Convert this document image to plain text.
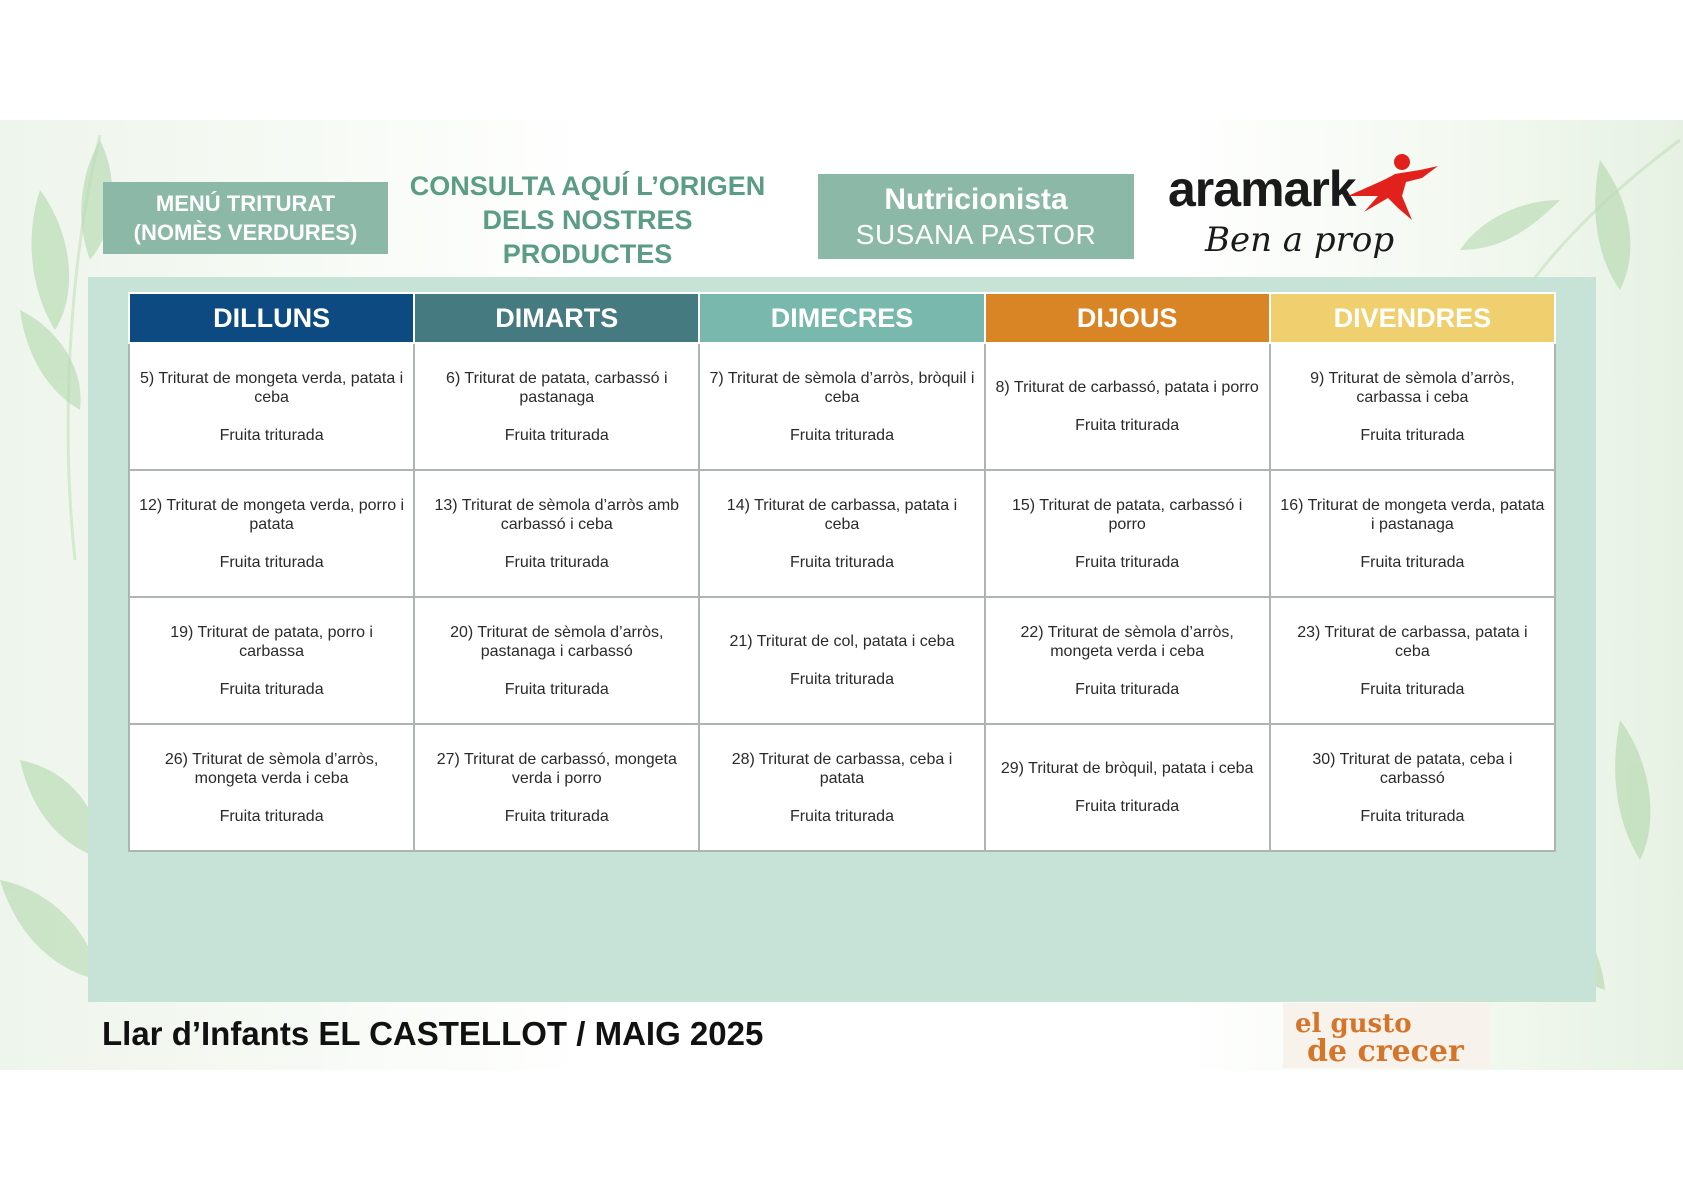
MENÚ TRITURAT
(NOMÈS VERDURES)
CONSULTA AQUÍ L’ORIGEN
DELS NOSTRES PRODUCTES
Nutricionista
SUSANA PASTOR
aramark
Ben a prop
DILLUNS	DIMARTS	DIMECRES	DIJOUS	DIVENDRES

5) Triturat de mongeta verda, patata i ceba
Fruita triturada	6) Triturat de patata, carbassó i pastanaga
Fruita triturada	7) Triturat de sèmola d’arròs, bròquil i ceba
Fruita triturada	8) Triturat de carbassó, patata i porro
Fruita triturada	9) Triturat de sèmola d’arròs, carbassa i ceba
Fruita triturada

12) Triturat de mongeta verda, porro i patata
Fruita triturada	13) Triturat de sèmola d’arròs amb carbassó i ceba
Fruita triturada	14) Triturat de carbassa, patata i ceba
Fruita triturada	15) Triturat de patata, carbassó i porro
Fruita triturada	16) Triturat de mongeta verda, patata i pastanaga
Fruita triturada

19) Triturat de patata, porro i carbassa
Fruita triturada	20) Triturat de sèmola d’arròs, pastanaga i carbassó
Fruita triturada	21) Triturat de col, patata i ceba
Fruita triturada	22) Triturat de sèmola d’arròs, mongeta verda i ceba
Fruita triturada	23) Triturat de carbassa, patata i ceba
Fruita triturada

26) Triturat de sèmola d’arròs, mongeta verda i ceba
Fruita triturada	27) Triturat de carbassó, mongeta verda i porro
Fruita triturada	28) Triturat de carbassa, ceba i patata
Fruita triturada	29) Triturat de bròquil, patata i ceba
Fruita triturada	30) Triturat de patata, ceba i carbassó
Fruita triturada
Llar d’Infants EL CASTELLOT / MAIG 2025	el gusto
de crecer
